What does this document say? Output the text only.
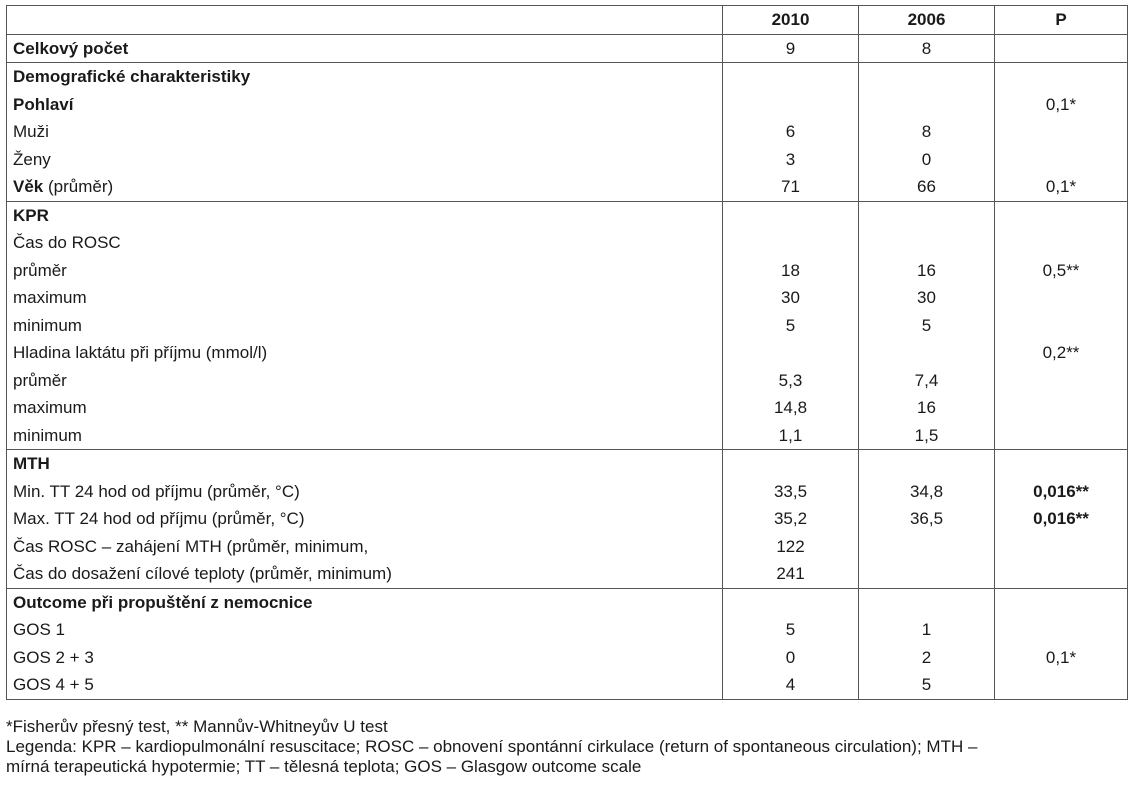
	2010	2006	P
Celkový počet	9	8	
Demografické charakteristiky			
Pohlaví			0,1*
Muži	6	8	
Ženy	3	0	
Věk (průměr)	71	66	0,1*
KPR			
Čas do ROSC			
průměr	18	16	0,5**
maximum	30	30	
minimum	5	5	
Hladina laktátu při příjmu (mmol/l)			0,2**
průměr	5,3	7,4	
maximum	14,8	16	
minimum	1,1	1,5	
MTH			
Min. TT 24 hod od příjmu (průměr, °C)	33,5	34,8	0,016**
Max. TT 24 hod od příjmu (průměr, °C)	35,2	36,5	0,016**
Čas ROSC – zahájení MTH (průměr, minimum,	122		
Čas do dosažení cílové teploty (průměr, minimum)	241		
Outcome při propuštění z nemocnice			
GOS 1	5	1	
GOS 2 + 3	0	2	0,1*
GOS 4 + 5	4	5	
*Fisherův přesný test, ** Mannův-Whitneyův U test
Legenda: KPR – kardiopulmonální resuscitace; ROSC – obnovení spontánní cirkulace (return of spontaneous circulation); MTH –
mírná terapeutická hypotermie; TT – tělesná teplota; GOS – Glasgow outcome scale
